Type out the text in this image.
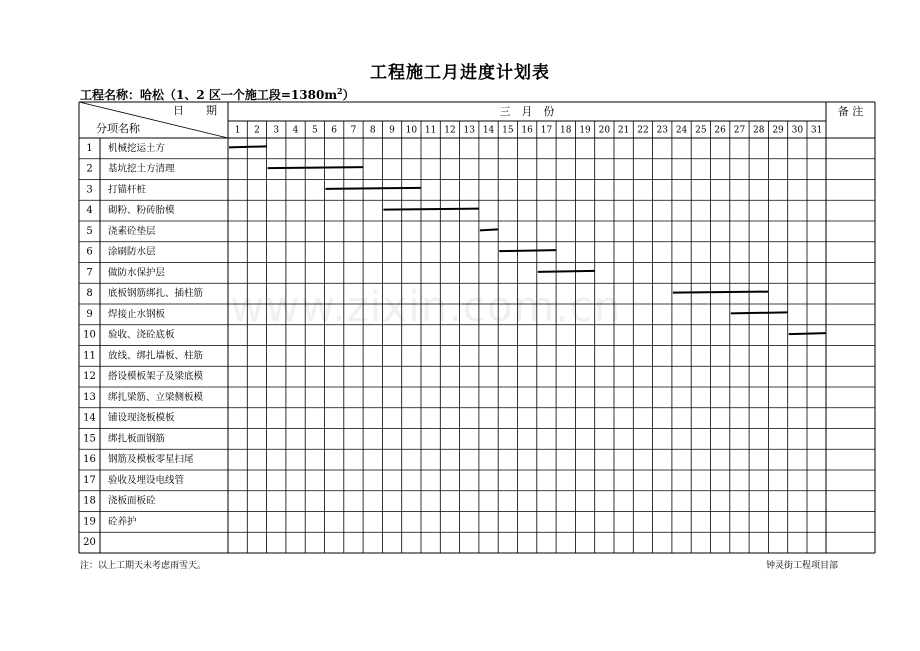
工程施工月进度计划表
工程名称：哈松（1、2 区一个施工段$=1380m^2$）
日　　期
分项名称
三　月　份	备 注
1 2 3 4 5 6 7 8 9 10 11 12 13 14 15 16 17 18 19 20 21 22 23 24 25 26 27 28 29 30 31
1 机械挖运土方
2 基坑挖土方清理
3 打锚杆桩
4 砌粉、粉砖胎模
5 浇素砼垫层
6 涂刷防水层
7 做防水保护层
8 底板钢筋绑扎、插柱筋
9 焊接止水钢板
10 验收、浇砼底板
11 放线、绑扎墙板、柱筋
12 搭设模板架子及梁底模
13 绑扎梁筋、立梁侧板模
14 铺设现浇板模板
15 绑扎板面钢筋
16 钢筋及模板零星扫尾
17 验收及埋设电线管
18 浇板面板砼
19 砼养护
20
www.zixin.com.cn
注：以上工期天未考虑雨雪天。	钟灵街工程项目部
